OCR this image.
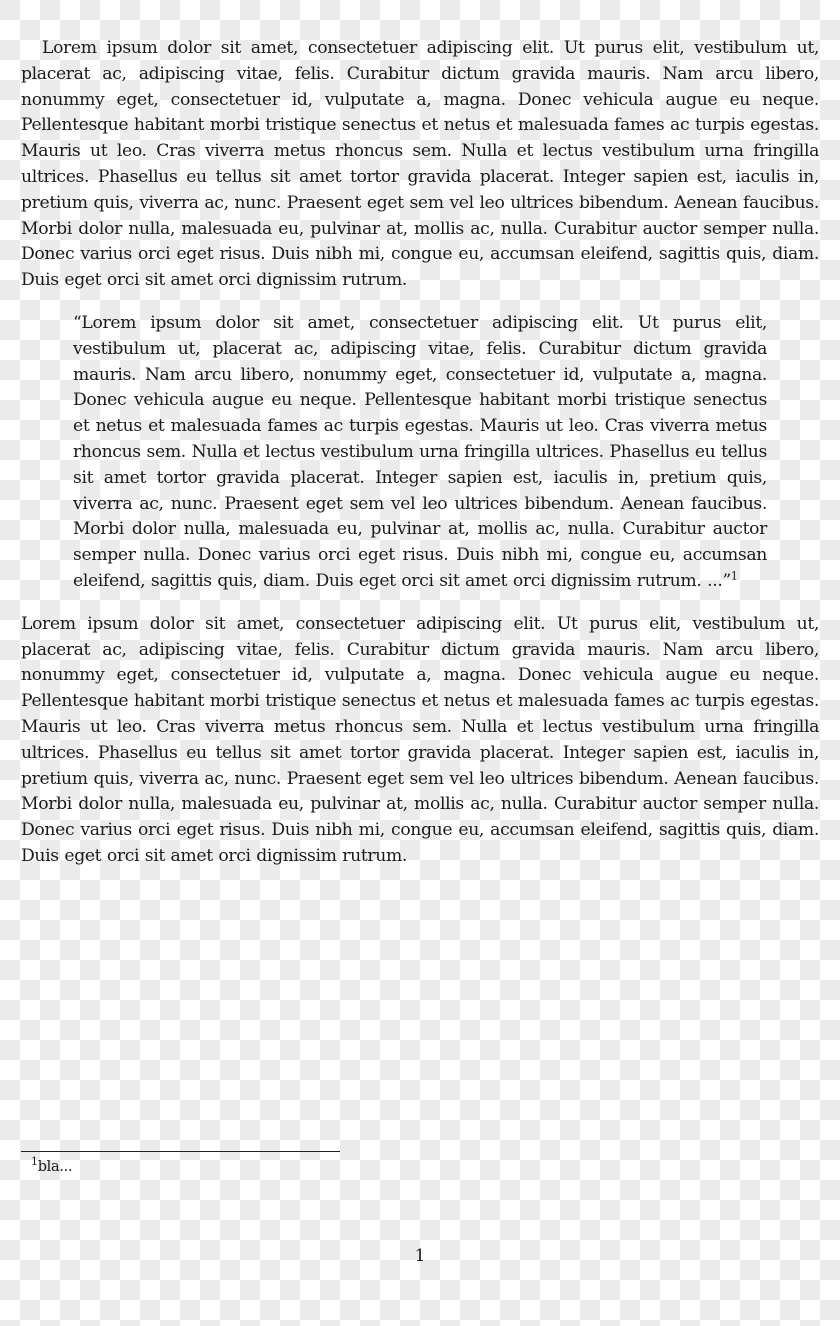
Lorem ipsum dolor sit amet, consectetuer adipiscing elit. Ut purus elit, vestibulum ut, placerat ac, adipiscing vitae, felis. Curabitur dictum gravida mauris. Nam arcu libero, nonummy eget, consectetuer id, vulputate a, magna. Donec vehicula augue eu neque. Pellentesque habitant morbi tristique senectus et netus et malesuada fames ac turpis egestas. Mauris ut leo. Cras viverra metus rhoncus sem. Nulla et lectus vestibulum urna fringilla ultrices. Phasellus eu tellus sit amet tortor gravida placerat. Integer sapien est, iaculis in, pretium quis, viverra ac, nunc. Praesent eget sem vel leo ultrices bibendum. Aenean faucibus. Morbi dolor nulla, malesuada eu, pulvinar at, mollis ac, nulla. Curabitur auctor semper nulla. Donec varius orci eget risus. Duis nibh mi, congue eu, accumsan eleifend, sagittis quis, diam. Duis eget orci sit amet orci dignissim rutrum.

“Lorem ipsum dolor sit amet, consectetuer adipiscing elit. Ut purus elit, vestibulum ut, placerat ac, adipiscing vitae, felis. Curabitur dictum gravida mauris. Nam arcu libero, nonummy eget, consectetuer id, vulputate a, magna. Donec vehicula augue eu neque. Pellentesque habitant morbi tristique senectus et netus et malesuada fames ac turpis egestas. Mauris ut leo. Cras viverra metus rhoncus sem. Nulla et lectus vestibulum urna fringilla ultrices. Phasellus eu tellus sit amet tortor gravida placerat. Integer sapien est, iaculis in, pretium quis, viverra ac, nunc. Praesent eget sem vel leo ultrices bibendum. Aenean faucibus. Morbi dolor nulla, malesuada eu, pulvinar at, mollis ac, nulla. Curabitur auctor semper nulla. Donec varius orci eget risus. Duis nibh mi, congue eu, accumsan eleifend, sagittis quis, diam. Duis eget orci sit amet orci dignissim rutrum. ...”$^1$

Lorem ipsum dolor sit amet, consectetuer adipiscing elit. Ut purus elit, vestibulum ut, placerat ac, adipiscing vitae, felis. Curabitur dictum gravida mauris. Nam arcu libero, nonummy eget, consectetuer id, vulputate a, magna. Donec vehicula augue eu neque. Pellentesque habitant morbi tristique senectus et netus et malesuada fames ac turpis egestas. Mauris ut leo. Cras viverra metus rhoncus sem. Nulla et lectus vestibulum urna fringilla ultrices. Phasellus eu tellus sit amet tortor gravida placerat. Integer sapien est, iaculis in, pretium quis, viverra ac, nunc. Praesent eget sem vel leo ultrices bibendum. Aenean faucibus. Morbi dolor nulla, malesuada eu, pulvinar at, mollis ac, nulla. Curabitur auctor semper nulla. Donec varius orci eget risus. Duis nibh mi, congue eu, accumsan eleifend, sagittis quis, diam. Duis eget orci sit amet orci dignissim rutrum.

$^1$bla...
1
